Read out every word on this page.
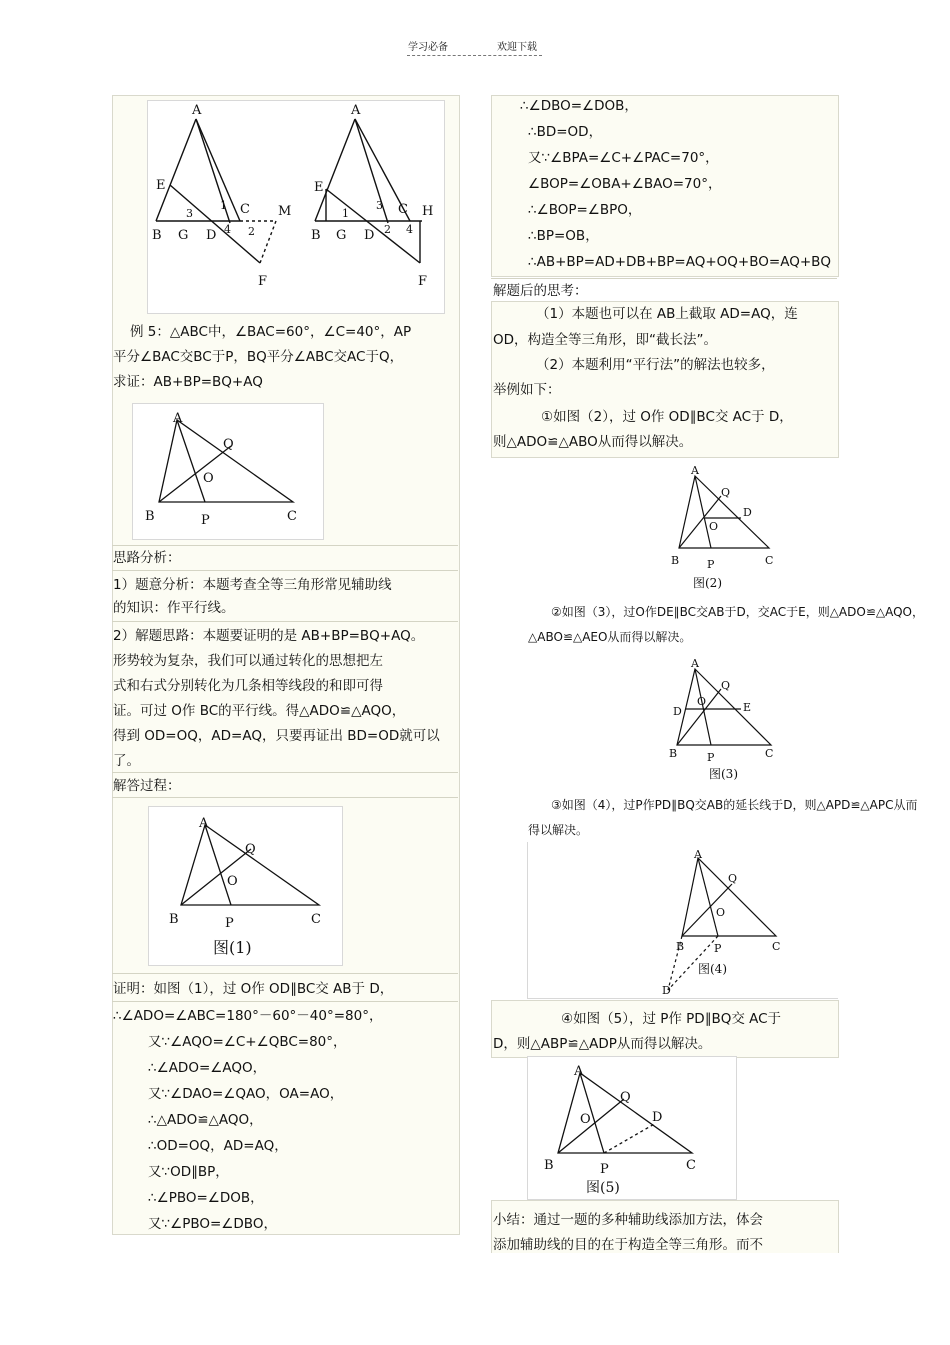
学习必备	欢迎下载
A
E
3
1 C M
B G D 4 2
F
A
E
1
3 C H
B G D 2 4
F
例 5：△ABC中，∠BAC=60°，∠C=40°，AP
平分∠BAC交BC于P，BQ平分∠ABC交AC于Q，
求证：AB+BP=BQ+AQ
A
Q
O
B	P	C
思路分析：
1）题意分析：本题考查全等三角形常见辅助线
的知识：作平行线。
2）解题思路：本题要证明的是 AB+BP=BQ+AQ。
形势较为复杂，我们可以通过转化的思想把左
式和右式分别转化为几条相等线段的和即可得
证。可过 O作 BC的平行线。得△ADO≌△AQO，
得到 OD=OQ，AD=AQ，只要再证出 BD=OD就可以
了。
解答过程：
A
Q
O
B	P	C
图(1)
证明：如图（1），过 O作 OD∥BC交 AB于 D，
∴∠ADO=∠ABC=180°－60°－40°=80°，
又∵∠AQO=∠C+∠QBC=80°，
∴∠ADO=∠AQO，
又∵∠DAO=∠QAO，OA=AO，
∴△ADO≌△AQO，
∴OD=OQ，AD=AQ，
又∵OD∥BP，
∴∠PBO=∠DOB，
又∵∠PBO=∠DBO，
∴∠DBO=∠DOB，
∴BD=OD，
又∵∠BPA=∠C+∠PAC=70°，
∠BOP=∠OBA+∠BAO=70°，
∴∠BOP=∠BPO，
∴BP=OB，
∴AB+BP=AD+DB+BP=AQ+OQ+BO=AQ+BQ
解题后的思考：
（1）本题也可以在 AB上截取 AD=AQ，连
OD，构造全等三角形，即“截长法”。
（2）本题利用“平行法”的解法也较多，
举例如下：
①如图（2），过 O作 OD∥BC交 AC于 D，
则△ADO≌△ABO从而得以解决。
A
Q
D
O
B	P	C
图(2)
②如图（3），过O作DE∥BC交AB于D，交AC于E，则△ADO≌△AQO，
△ABO≌△AEO从而得以解决。
A
Q
D
O	E
B	P	C
图(3)
③如图（4），过P作PD∥BQ交AB的延长线于D，则△APD≌△APC从而
得以解决。
A
Q
O
B	P	C
D
图(4)
④如图（5），过 P作 PD∥BQ交 AC于
D，则△ABP≌△ADP从而得以解决。
A
Q
O	D
B	P	C
图(5)
小结：通过一题的多种辅助线添加方法，体会
添加辅助线的目的在于构造全等三角形。而不
